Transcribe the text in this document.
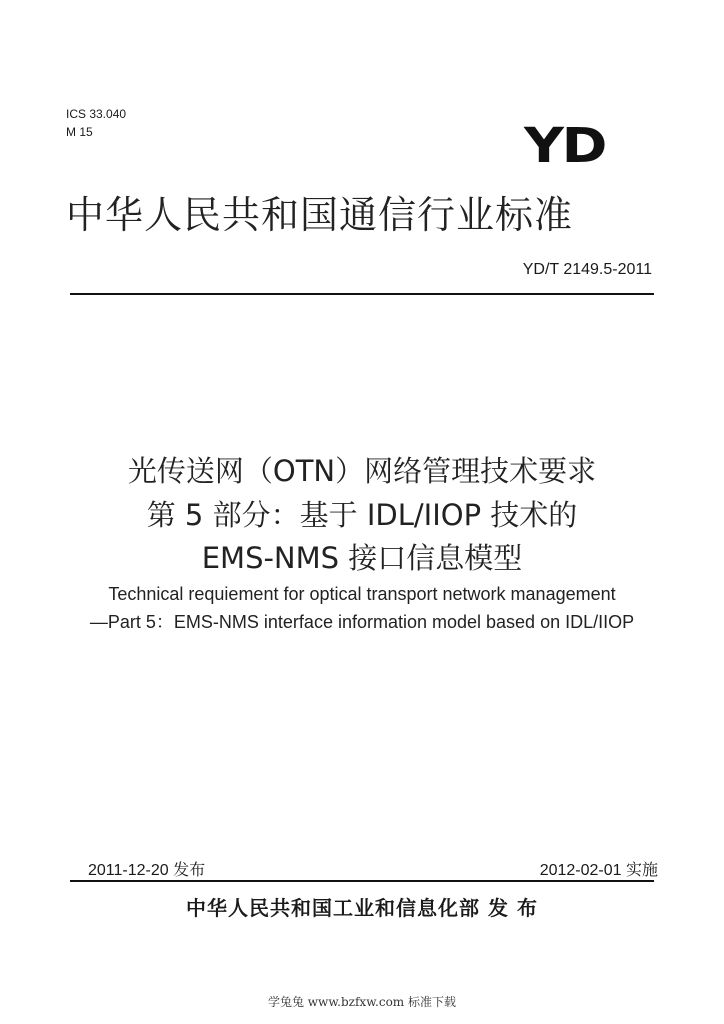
ICS 33.040
M 15	YD
中华人民共和国通信行业标准
YD/T 2149.5-2011
光传送网（OTN）网络管理技术要求
第 5 部分：基于 IDL/IIOP 技术的
EMS-NMS 接口信息模型
Technical requiement for optical transport network management
—Part 5：EMS-NMS interface information model based on IDL/IIOP
2011-12-20 发布	2012-02-01 实施
中华人民共和国工业和信息化部 发 布
学兔兔 www.bzfxw.com 标准下载
